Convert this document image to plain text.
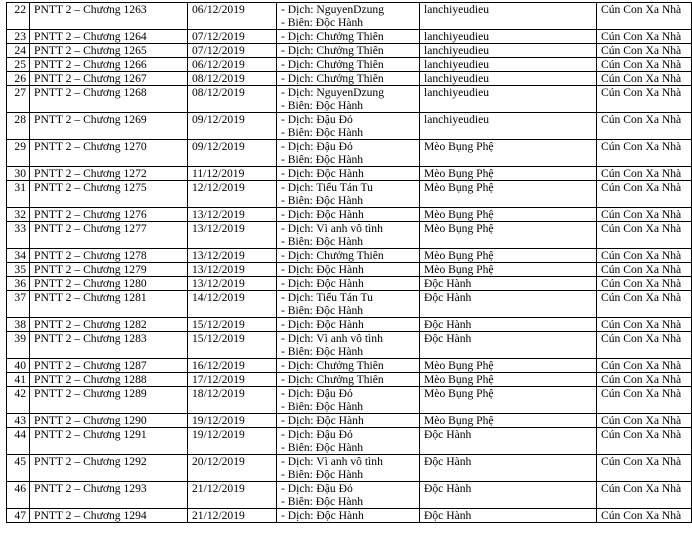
22	PNTT 2 – Chương 1263	06/12/2019	- Dịch: NguyenDzung
- Biên: Độc Hành	lanchiyeudieu	Cún Con Xa Nhà
23	PNTT 2 – Chương 1264	07/12/2019	- Dịch: Chưởng Thiên	lanchiyeudieu	Cún Con Xa Nhà
24	PNTT 2 – Chương 1265	07/12/2019	- Dịch: Chưởng Thiên	lanchiyeudieu	Cún Con Xa Nhà
25	PNTT 2 – Chương 1266	06/12/2019	- Dịch: Chưởng Thiên	lanchiyeudieu	Cún Con Xa Nhà
26	PNTT 2 – Chương 1267	08/12/2019	- Dịch: Chưởng Thiên	lanchiyeudieu	Cún Con Xa Nhà
27	PNTT 2 – Chương 1268	08/12/2019	- Dịch: NguyenDzung
- Biên: Độc Hành	lanchiyeudieu	Cún Con Xa Nhà
28	PNTT 2 – Chương 1269	09/12/2019	- Dịch: Đậu Đỏ
- Biên: Độc Hành	lanchiyeudieu	Cún Con Xa Nhà
29	PNTT 2 – Chương 1270	09/12/2019	- Dịch: Đậu Đỏ
- Biên: Độc Hành	Mèo Bụng Phệ	Cún Con Xa Nhà
30	PNTT 2 – Chương 1272	11/12/2019	- Dịch: Độc Hành	Mèo Bụng Phệ	Cún Con Xa Nhà
31	PNTT 2 – Chương 1275	12/12/2019	- Dịch: Tiểu Tán Tu
- Biên: Độc Hành	Mèo Bụng Phệ	Cún Con Xa Nhà
32	PNTT 2 – Chương 1276	13/12/2019	- Dịch: Độc Hành	Mèo Bụng Phệ	Cún Con Xa Nhà
33	PNTT 2 – Chương 1277	13/12/2019	- Dịch: Vì anh vô tình
- Biên: Độc Hành	Mèo Bụng Phệ	Cún Con Xa Nhà
34	PNTT 2 – Chương 1278	13/12/2019	- Dịch: Chưởng Thiên	Mèo Bụng Phệ	Cún Con Xa Nhà
35	PNTT 2 – Chương 1279	13/12/2019	- Dịch: Độc Hành	Mèo Bụng Phệ	Cún Con Xa Nhà
36	PNTT 2 – Chương 1280	13/12/2019	- Dịch: Độc Hành	Độc Hành	Cún Con Xa Nhà
37	PNTT 2 – Chương 1281	14/12/2019	- Dịch: Tiểu Tán Tu
- Biên: Độc Hành	Độc Hành	Cún Con Xa Nhà
38	PNTT 2 – Chương 1282	15/12/2019	- Dịch: Độc Hành	Độc Hành	Cún Con Xa Nhà
39	PNTT 2 – Chương 1283	15/12/2019	- Dịch: Vì anh vô tình
- Biên: Độc Hành	Độc Hành	Cún Con Xa Nhà
40	PNTT 2 – Chương 1287	16/12/2019	- Dịch: Chưởng Thiên	Mèo Bụng Phệ	Cún Con Xa Nhà
41	PNTT 2 – Chương 1288	17/12/2019	- Dịch: Chưởng Thiên	Mèo Bụng Phệ	Cún Con Xa Nhà
42	PNTT 2 – Chương 1289	18/12/2019	- Dịch: Đậu Đỏ
- Biên: Độc Hành	Mèo Bụng Phệ	Cún Con Xa Nhà
43	PNTT 2 – Chương 1290	19/12/2019	- Dịch: Độc Hành	Mèo Bụng Phệ	Cún Con Xa Nhà
44	PNTT 2 – Chương 1291	19/12/2019	- Dịch: Đậu Đỏ
- Biên: Độc Hành	Độc Hành	Cún Con Xa Nhà
45	PNTT 2 – Chương 1292	20/12/2019	- Dịch: Vì anh vô tình
- Biên: Độc Hành	Độc Hành	Cún Con Xa Nhà
46	PNTT 2 – Chương 1293	21/12/2019	- Dịch: Đậu Đỏ
- Biên: Độc Hành	Độc Hành	Cún Con Xa Nhà
47	PNTT 2 – Chương 1294	21/12/2019	- Dịch: Độc Hành	Độc Hành	Cún Con Xa Nhà
